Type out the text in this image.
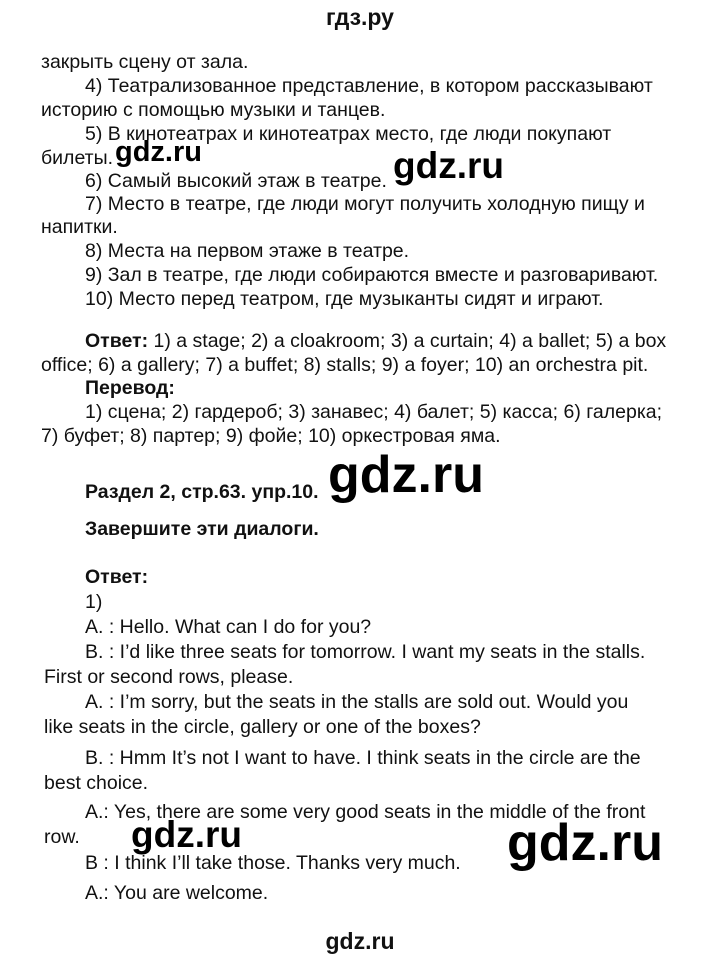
гдз.ру
закрыть сцену от зала.
4) Театрализованное представление, в котором рассказывают
историю с помощью музыки и танцев.
5) В кинотеатрах и кинотеатрах место, где люди покупают
билеты.
6) Самый высокий этаж в театре.
7) Место в театре, где люди могут получить холодную пищу и
напитки.
8) Места на первом этаже в театре.
9) Зал в театре, где люди собираются вместе и разговаривают.
10) Место перед театром, где музыканты сидят и играют.
Ответ: 1) a stage; 2) a cloakroom; 3) a curtain; 4) a ballet; 5) a box
office; 6) a gallery; 7) a buffet; 8) stalls; 9) a foyer; 10) an orchestra pit.
Перевод:
1) сцена; 2) гардероб; 3) занавес; 4) балет; 5) касса; 6) галерка;
7) буфет; 8) партер; 9) фойе; 10) оркестровая яма.
Раздел 2, стр.63. упр.10.
Завершите эти диалоги.
Ответ:
1)
A. : Hello. What can I do for you?
B. : I’d like three seats for tomorrow. I want my seats in the stalls.
First or second rows, please.
A. : I’m sorry, but the seats in the stalls are sold out. Would you
like seats in the circle, gallery or one of the boxes?
B. : Hmm It’s not I want to have. I think seats in the circle are the
best choice.
A.: Yes, there are some very good seats in the middle of the front
row.
B : I think I’ll take those. Thanks very much.
A.: You are welcome.
gdz.ru	gdz.ru
gdz.ru
gdz.ru	gdz.ru
gdz.ru
